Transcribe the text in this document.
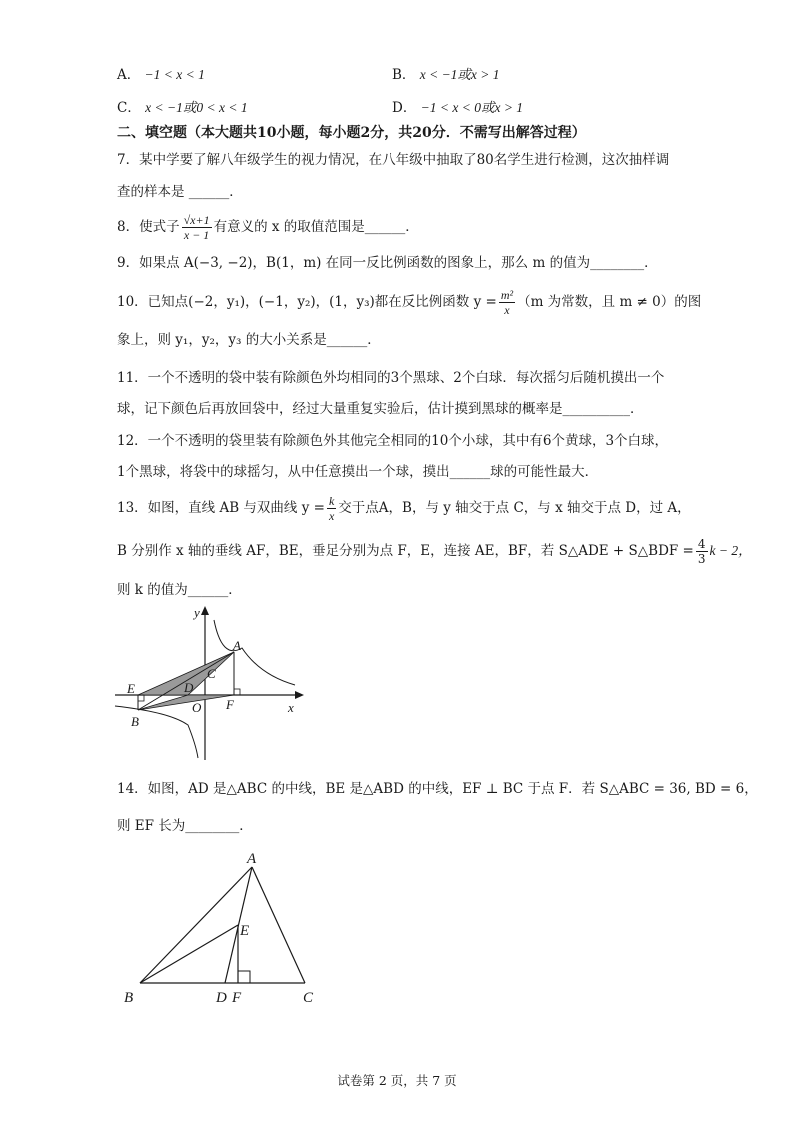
A． −1 < x < 1	B． x < −1或x > 1
C． x < −1或0 < x < 1	D． −1 < x < 0或x > 1
二、填空题（本大题共10小题，每小题2分，共20分．不需写出解答过程）
7．某中学要了解八年级学生的视力情况，在八年级中抽取了80名学生进行检测，这次抽样调
查的样本是 ______．
8．使式子 $\frac{√x+1}{x - 1}$ 有意义的 x 的取值范围是______．
9．如果点 A(−3, −2)，B(1，m) 在同一反比例函数的图象上，那么 m 的值为________．
10．已知点(−2，y₁)，(−1，y₂)，(1，y₃)都在反比例函数 $y = \frac{\text{m²}}{x} (m$ 为常数，且 m ≠ 0）的图
象上，则 y₁，y₂，y₃ 的大小关系是______．
11．一个不透明的袋中装有除颜色外均相同的3个黑球、2个白球．每次摇匀后随机摸出一个
球，记下颜色后再放回袋中，经过大量重复实验后，估计摸到黑球的概率是__________．
12．一个不透明的袋里装有除颜色外其他完全相同的10个小球，其中有6个黄球，3个白球，
1个黑球，将袋中的球摇匀，从中任意摸出一个球，摸出______球的可能性最大．
13．如图，直线 AB 与双曲线 $y = \frac{k}{x}$ 交于点A，B，与 y 轴交于点 C，与 x 轴交于点 D，过 A，
B 分别作 x 轴的垂线 AF，BE，垂足分别为点 F，E，连接 AE，BF，若 S△ADE + S△BDF = $\frac{4}{3}$ k − 2，
则 k 的值为______．
y
x
A
C
E	D
O F
B
14．如图，AD 是△ABC 的中线，BE 是△ABD 的中线，EF ⊥ BC 于点 F．若 S△ABC = 36, BD = 6，
则 EF 长为________．
A
E
B	D F	C
试卷第 2 页，共 7 页
